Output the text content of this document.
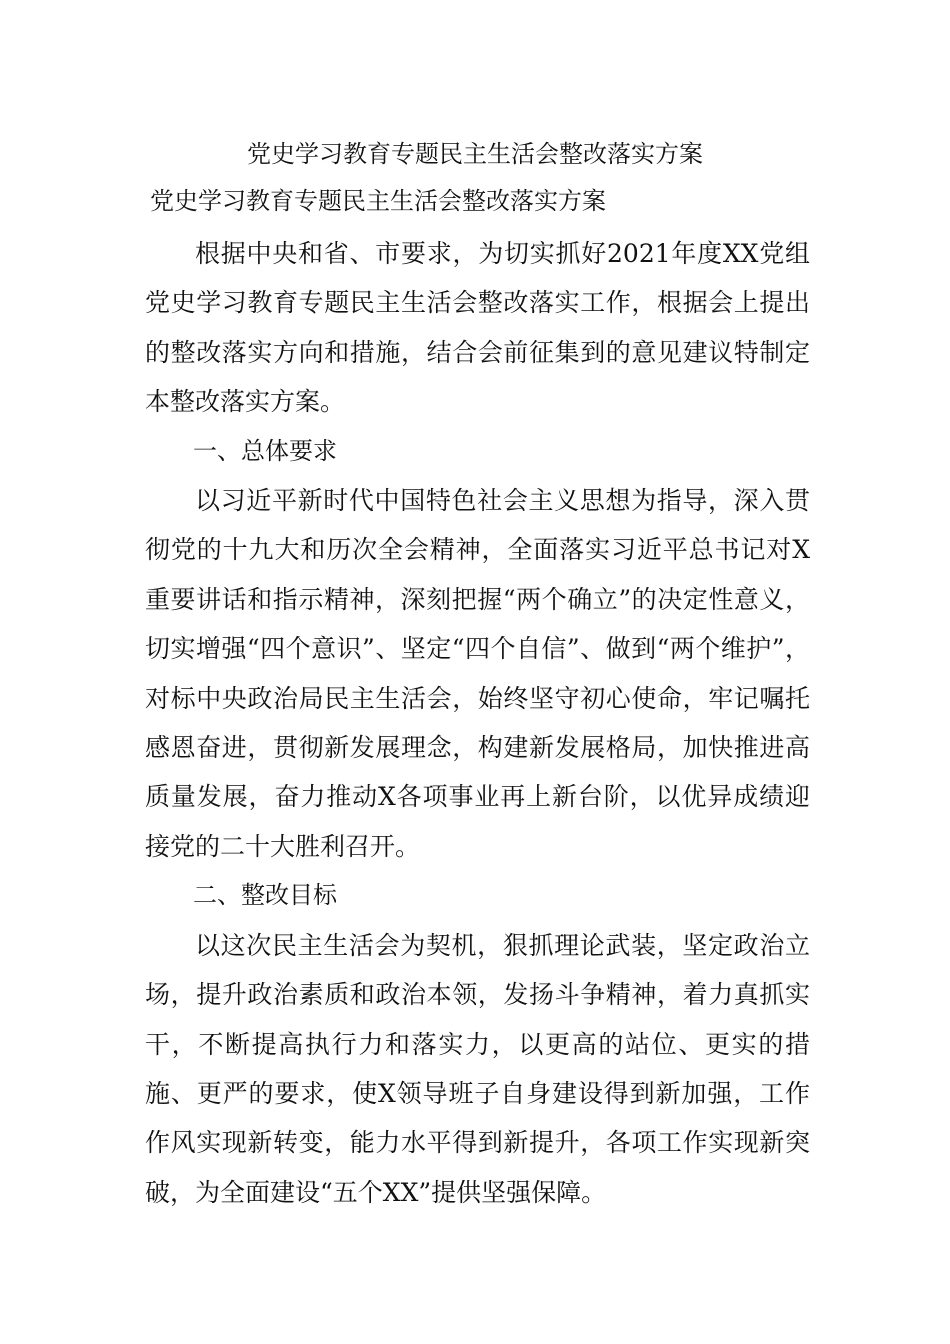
党史学习教育专题民主生活会整改落实方案
党史学习教育专题民主生活会整改落实方案

根据中央和省、市要求，为切实抓好2021年度XX党组党史学习教育专题民主生活会整改落实工作，根据会上提出的整改落实方向和措施，结合会前征集到的意见建议特制定本整改落实方案。

一、总体要求

以习近平新时代中国特色社会主义思想为指导，深入贯彻党的十九大和历次全会精神，全面落实习近平总书记对X重要讲话和指示精神，深刻把握“两个确立”的决定性意义，切实增强“四个意识”、坚定“四个自信”、做到“两个维护”，对标中央政治局民主生活会，始终坚守初心使命，牢记嘱托感恩奋进，贯彻新发展理念，构建新发展格局，加快推进高质量发展，奋力推动X各项事业再上新台阶，以优异成绩迎接党的二十大胜利召开。

二、整改目标

以这次民主生活会为契机，狠抓理论武装，坚定政治立场，提升政治素质和政治本领，发扬斗争精神，着力真抓实干，不断提高执行力和落实力，以更高的站位、更实的措施、更严的要求，使X领导班子自身建设得到新加强，工作作风实现新转变，能力水平得到新提升，各项工作实现新突破，为全面建设“五个XX”提供坚强保障。
